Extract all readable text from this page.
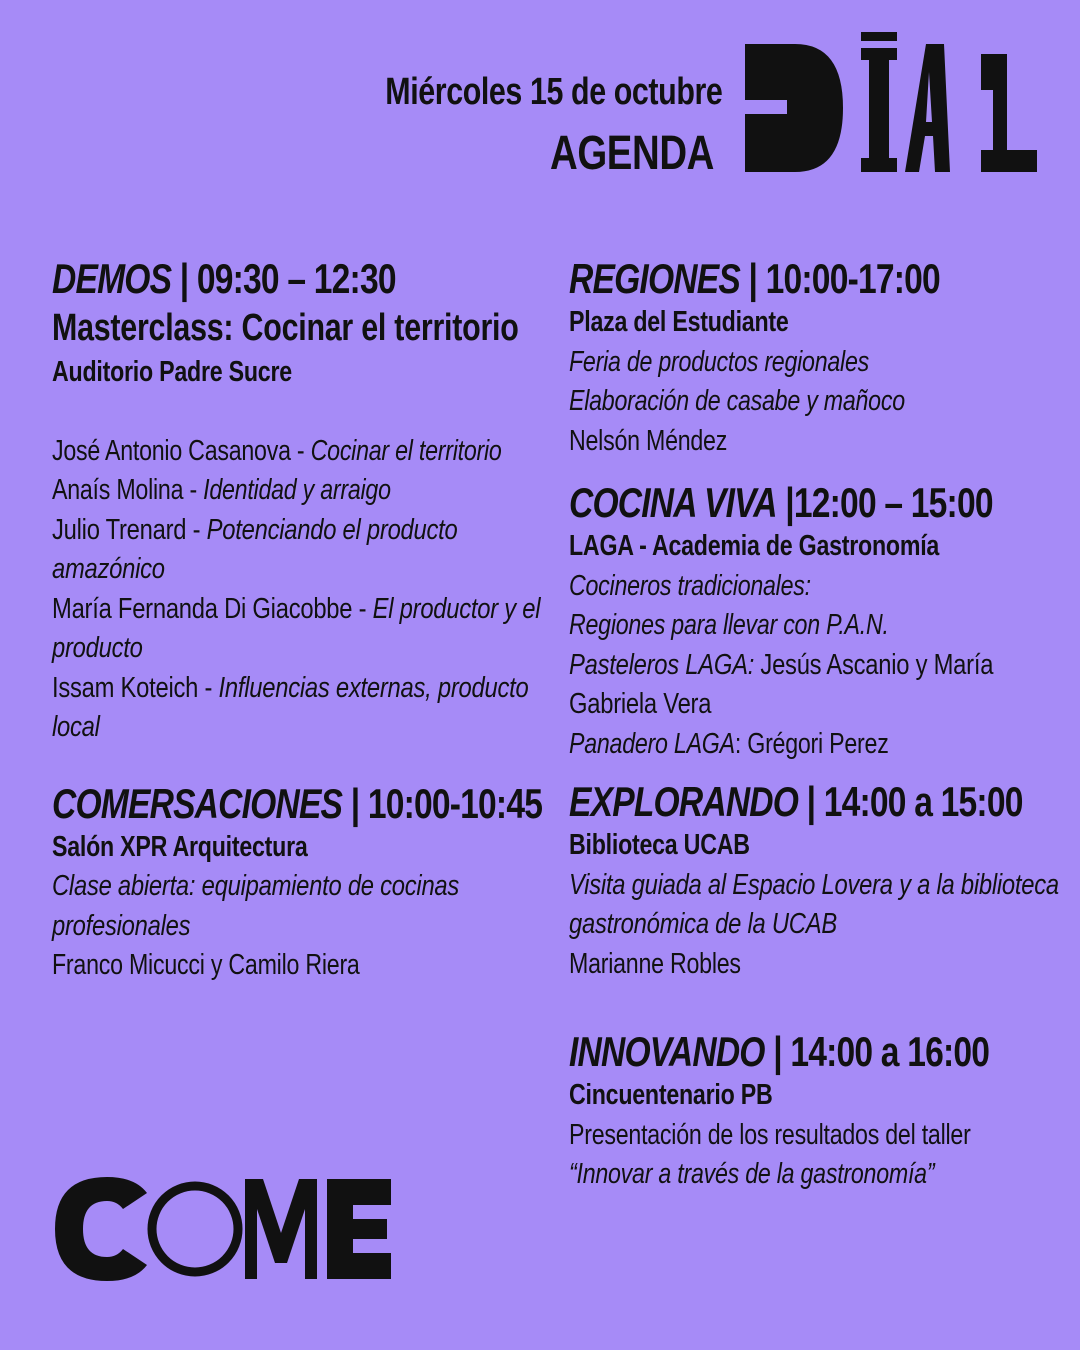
Miércoles 15 de octubre
AGENDA
DÍA 1
DEMOS | 09:30 – 12:30
Masterclass: Cocinar el territorio
Auditorio Padre Sucre
José Antonio Casanova - Cocinar el territorio
Anaís Molina - Identidad y arraigo
Julio Trenard - Potenciando el producto amazónico
María Fernanda Di Giacobbe - El productor y el producto
Issam Koteich - Influencias externas, producto local
COMERSACIONES | 10:00-10:45
Salón XPR Arquitectura
Clase abierta: equipamiento de cocinas profesionales
Franco Micucci y Camilo Riera
REGIONES | 10:00-17:00
Plaza del Estudiante
Feria de productos regionales
Elaboración de casabe y mañoco
Nelsón Méndez
COCINA VIVA |12:00 – 15:00
LAGA - Academia de Gastronomía
Cocineros tradicionales:
Regiones para llevar con P.A.N.
Pasteleros LAGA: Jesús Ascanio y María Gabriela Vera
Panadero LAGA: Grégori Perez
EXPLORANDO | 14:00 a 15:00
Biblioteca UCAB
Visita guiada al Espacio Lovera y a la biblioteca gastronómica de la UCAB
Marianne Robles
INNOVANDO | 14:00 a 16:00
Cincuentenario PB
Presentación de los resultados del taller
“Innovar a través de la gastronomía”
COME
